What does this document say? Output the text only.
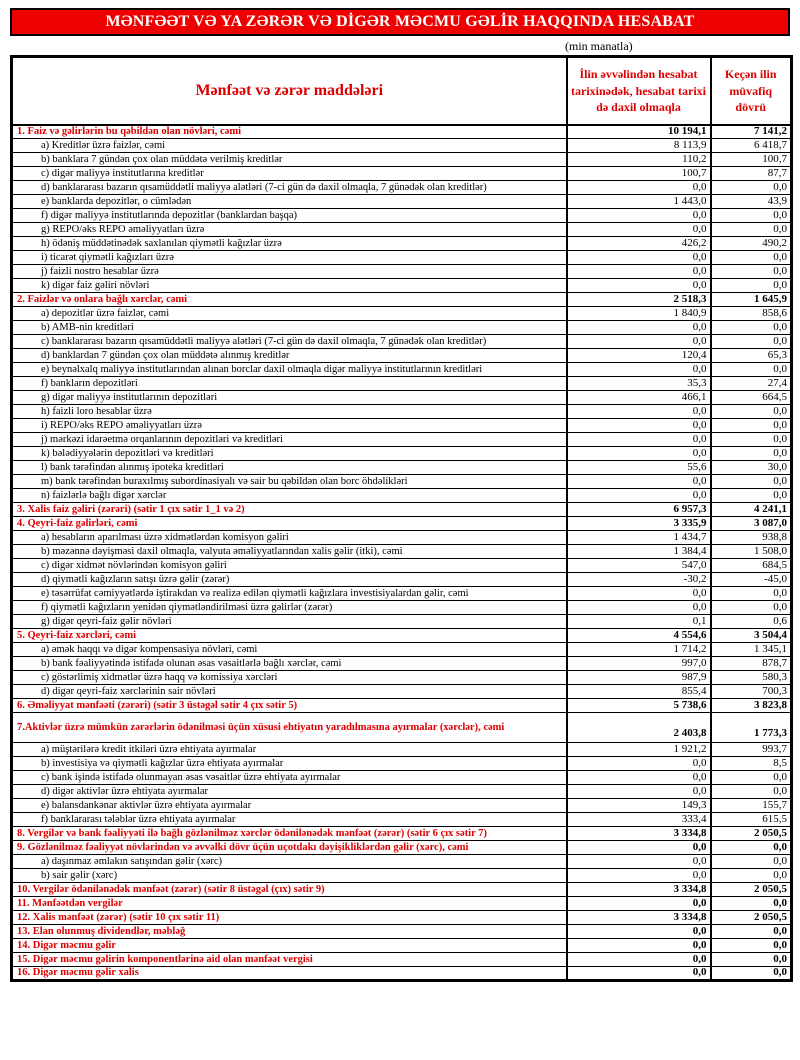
MƏNFƏƏT VƏ YA ZƏRƏR VƏ DİGƏR MƏCMU GƏLİR HAQQINDA HESABAT
(min manatla)
Mənfəət və zərər maddələri	İlin əvvəlindən hesabat tarixinədək, hesabat tarixi də daxil olmaqla	Keçən ilin müvafiq dövrü
1. Faiz və gəlirlərin bu qəbildən olan növləri, cəmi	10 194,1	7 141,2
a) Kreditlər üzrə faizlər, cəmi	8 113,9	6 418,7
b) banklara 7 gündən çox olan müddətə verilmiş kreditlər	110,2	100,7
c) digər maliyyə institutlarına kreditlər	100,7	87,7
d) banklararası bazarın qısamüddətli maliyyə alətləri (7-ci gün də daxil olmaqla, 7 günədək olan kreditlər)	0,0	0,0
e) banklarda depozitlər, o cümlədən	1 443,0	43,9
f) digər maliyyə institutlarında depozitlər (banklardan başqa)	0,0	0,0
g) REPO/əks REPO əməliyyatları üzrə	0,0	0,0
h) ödəniş müddətinədək saxlanılan qiymətli kağızlar üzrə	426,2	490,2
i) ticarət qiymətli kağızları üzrə	0,0	0,0
j) faizli nostro hesablar üzrə	0,0	0,0
k) digər faiz gəliri növləri	0,0	0,0
2. Faizlər və onlara bağlı xərclər, cəmi	2 518,3	1 645,9
a) depozitlər üzrə faizlər, cəmi	1 840,9	858,6
b) AMB-nin kreditləri	0,0	0,0
c) banklararası bazarın qısamüddətli maliyyə alətləri (7-ci gün də daxil olmaqla, 7 günədək olan kreditlər)	0,0	0,0
d) banklardan 7 gündən çox olan müddətə alınmış kreditlər	120,4	65,3
e) beynəlxalq maliyyə institutlarından alınan borclar daxil olmaqla digər maliyyə institutlarının kreditləri	0,0	0,0
f) bankların depozitləri	35,3	27,4
g) digər maliyyə institutlarının depozitləri	466,1	664,5
h) faizli loro hesablar üzrə	0,0	0,0
i) REPO/əks REPO əməliyyatları üzrə	0,0	0,0
j) mərkəzi idarəetmə orqanlarının depozitləri və kreditləri	0,0	0,0
k) bələdiyyələrin depozitləri və kreditləri	0,0	0,0
l) bank tərəfindən alınmış ipoteka kreditləri	55,6	30,0
m) bank tərəfindən buraxılmış subordinasiyalı və sair bu qəbildən olan borc öhdəlikləri	0,0	0,0
n) faizlərlə bağlı digər xərclər	0,0	0,0
3. Xalis faiz gəliri (zərəri) (sətir 1 çıx sətir 1_1 və 2)	6 957,3	4 241,1
4. Qeyri-faiz gəlirləri, cəmi	3 335,9	3 087,0
a) hesabların aparılması üzrə xidmətlərdən komisyon gəliri	1 434,7	938,8
b) məzənnə dəyişməsi daxil olmaqla, valyuta əməliyyatlarından xalis gəlir (itki), cəmi	1 384,4	1 508,0
c) digər xidmət növlərindən komisyon gəliri	547,0	684,5
d) qiymətli kağızların satışı üzrə gəlir (zərər)	-30,2	-45,0
e) təsərrüfat cəmiyyətlərdə iştirakdan və realizə edilən qiymətli kağızlara investisiyalardan gəlir, cəmi	0,0	0,0
f) qiymətli kağızların yenidən qiymətləndirilməsi üzrə gəlirlər (zərər)	0,0	0,0
g) digər qeyri-faiz gəlir növləri	0,1	0,6
5. Qeyri-faiz xərcləri, cəmi	4 554,6	3 504,4
a) əmək haqqı və digər kompensasiya növləri, cəmi	1 714,2	1 345,1
b) bank fəaliyyətində istifadə olunan əsas vəsaitlərlə bağlı xərclər, cəmi	997,0	878,7
c) göstərlimiş xidmətlər üzrə haqq və komissiya xərcləri	987,9	580,3
d) digər qeyri-faiz xərclərinin sair növləri	855,4	700,3
6. Əməliyyat mənfəəti (zərəri) (sətir 3 üstəgəl sətir 4 çıx sətir 5)	5 738,6	3 823,8
7.Aktivlər üzrə mümkün zərərlərin ödənilməsi üçün xüsusi ehtiyatın yaradılmasına ayırmalar (xərclər), cəmi	2 403,8	1 773,3
a) müştərilərə kredit itkiləri üzrə ehtiyata ayırmalar	1 921,2	993,7
b) investisiya və qiymətli kağızlar üzrə ehtiyata ayırmalar	0,0	8,5
c) bank işində istifadə olunmayan əsas vəsaitlər üzrə ehtiyata ayırmalar	0,0	0,0
d) digər aktivlər üzrə ehtiyata ayırmalar	0,0	0,0
e) balansdankənar aktivlər üzrə ehtiyata ayırmalar	149,3	155,7
f) banklararası tələblər üzrə ehtiyata ayırmalar	333,4	615,5
8. Vergilər və bank fəaliyyəti ilə bağlı gözlənilməz xərclər ödənilənədək mənfəət (zərər) (sətir 6 çıx sətir 7)	3 334,8	2 050,5
9. Gözlənilməz fəaliyyət növlərindən və əvvəlki dövr üçün uçotdakı dəyişikliklərdən gəlir (xərc), cəmi	0,0	0,0
a) daşınmaz əmlakın satışından gəlir (xərc)	0,0	0,0
b) sair gəlir (xərc)	0,0	0,0
10. Vergilər ödənilənədək mənfəət (zərər) (sətir 8 üstəgəl (çıx) sətir 9)	3 334,8	2 050,5
11. Mənfəətdən vergilər	0,0	0,0
12. Xalis mənfəət (zərər) (sətir 10 çıx sətir 11)	3 334,8	2 050,5
13. Elan olunmuş dividendlər, məbləğ	0,0	0,0
14. Digər məcmu gəlir	0,0	0,0
15. Digər məcmu gəlirin komponentlərinə aid olan mənfəət vergisi	0,0	0,0
16. Digər məcmu gəlir xalis	0,0	0,0
